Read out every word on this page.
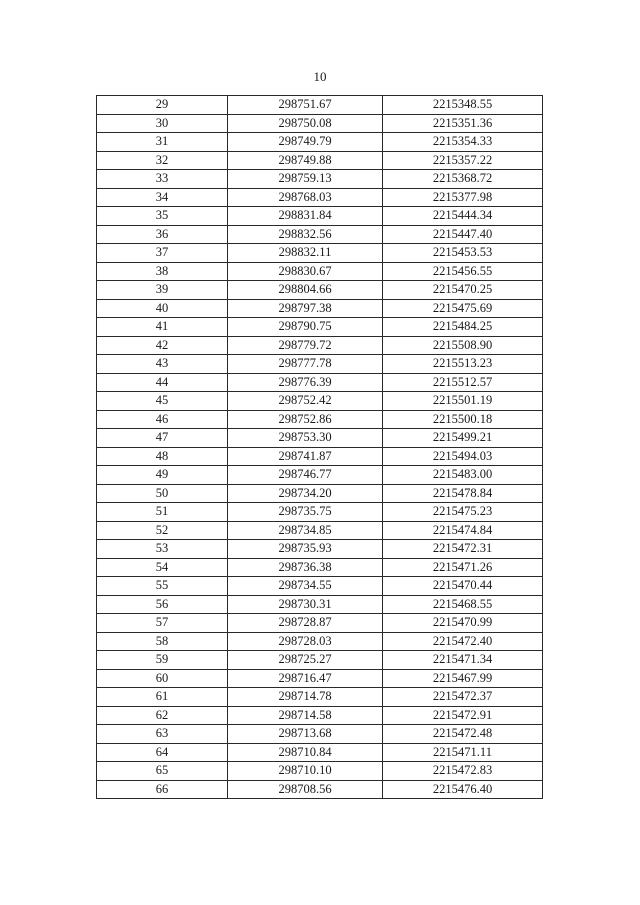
10
29	298751.67	2215348.55
30	298750.08	2215351.36
31	298749.79	2215354.33
32	298749.88	2215357.22
33	298759.13	2215368.72
34	298768.03	2215377.98
35	298831.84	2215444.34
36	298832.56	2215447.40
37	298832.11	2215453.53
38	298830.67	2215456.55
39	298804.66	2215470.25
40	298797.38	2215475.69
41	298790.75	2215484.25
42	298779.72	2215508.90
43	298777.78	2215513.23
44	298776.39	2215512.57
45	298752.42	2215501.19
46	298752.86	2215500.18
47	298753.30	2215499.21
48	298741.87	2215494.03
49	298746.77	2215483.00
50	298734.20	2215478.84
51	298735.75	2215475.23
52	298734.85	2215474.84
53	298735.93	2215472.31
54	298736.38	2215471.26
55	298734.55	2215470.44
56	298730.31	2215468.55
57	298728.87	2215470.99
58	298728.03	2215472.40
59	298725.27	2215471.34
60	298716.47	2215467.99
61	298714.78	2215472.37
62	298714.58	2215472.91
63	298713.68	2215472.48
64	298710.84	2215471.11
65	298710.10	2215472.83
66	298708.56	2215476.40
